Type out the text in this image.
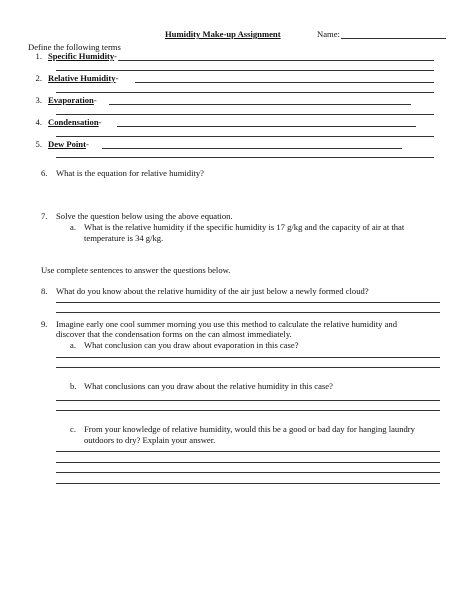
Humidity Make-up Assignment	Name:
Define the following terms
1. Specific Humidity -
2. Relative Humidity -
3. Evaporation -
4. Condensation -
5. Dew Point -
6. What is the equation for relative humidity?
7. Solve the question below using the above equation.
a. What is the relative humidity if the specific humidity is 17 g/kg and the capacity of air at that
temperature is 34 g/kg.
Use complete sentences to answer the questions below.
8. What do you know about the relative humidity of the air just below a newly formed cloud?
9. Imagine early one cool summer morning you use this method to calculate the relative humidity and
discover that the condensation forms on the can almost immediately.
a. What conclusion can you draw about evaporation in this case?
b. What conclusions can you draw about the relative humidity in this case?
c. From your knowledge of relative humidity, would this be a good or bad day for hanging laundry
outdoors to dry? Explain your answer.
